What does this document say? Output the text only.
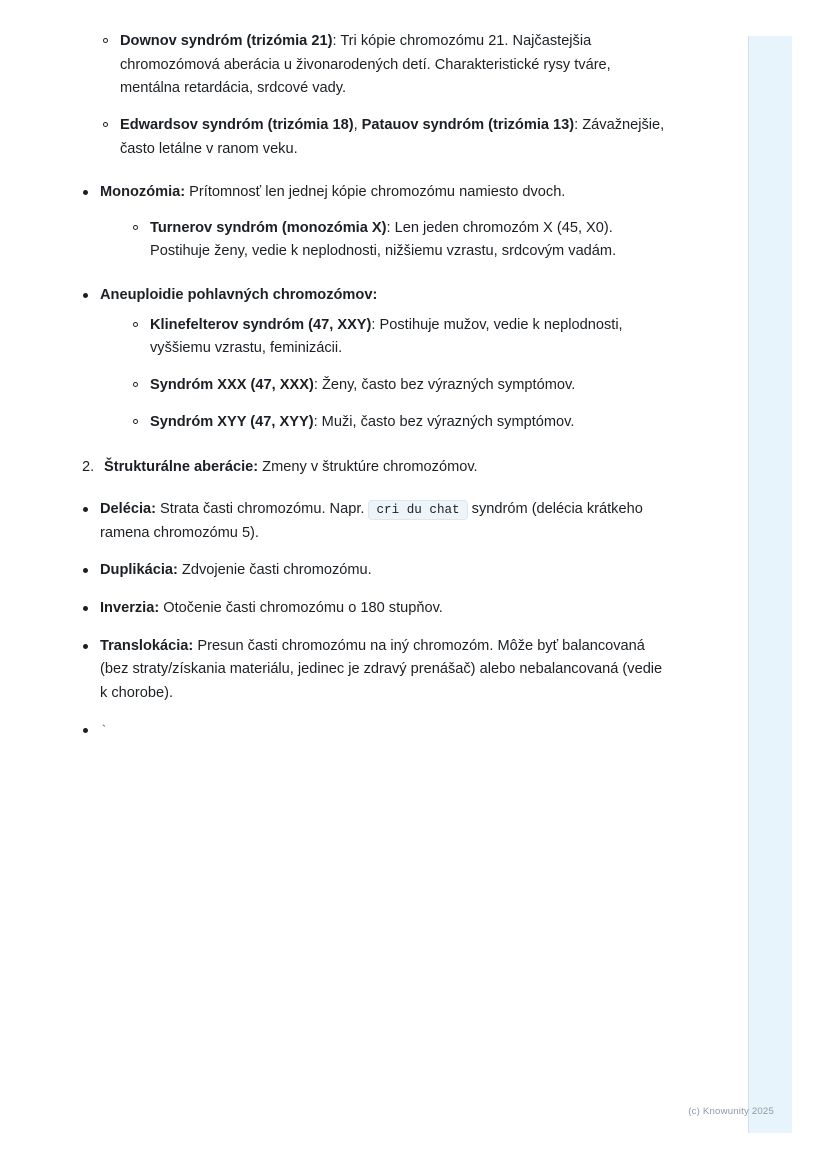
Downov syndróm (trizómia 21): Tri kópie chromozómu 21. Najčastejšia chromozómová aberácia u živonarodených detí. Charakteristické rysy tváre, mentálna retardácia, srdcové vady.
Edwardsov syndróm (trizómia 18), Patauov syndróm (trizómia 13): Závažnejšie, často letálne v ranom veku.
Monozómia: Prítomnosť len jednej kópie chromozómu namiesto dvoch.
Turnerov syndróm (monozómia X): Len jeden chromozóm X (45, X0). Postihuje ženy, vedie k neplodnosti, nižšiemu vzrastu, srdcovým vadám.
Aneuploidie pohlavných chromozómov:
Klinefelterov syndróm (47, XXY): Postihuje mužov, vedie k neplodnosti, vyššiemu vzrastu, feminizácii.
Syndróm XXX (47, XXX): Ženy, často bez výrazných symptómov.
Syndróm XYY (47, XYY): Muži, často bez výrazných symptómov.
2. Štrukturálne aberácie: Zmeny v štruktúre chromozómov.
Delécia: Strata časti chromozómu. Napr. cri du chat syndróm (delécia krátkeho ramena chromozómu 5).
Duplikácia: Zdvojenie časti chromozómu.
Inverzia: Otočenie časti chromozómu o 180 stupňov.
Translokácia: Presun časti chromozómu na iný chromozóm. Môže byť balancovaná (bez straty/získania materiálu, jedinec je zdravý prenášač) alebo nebalancovaná (vedie k chorobe).
`
(c) Knowunity 2025
